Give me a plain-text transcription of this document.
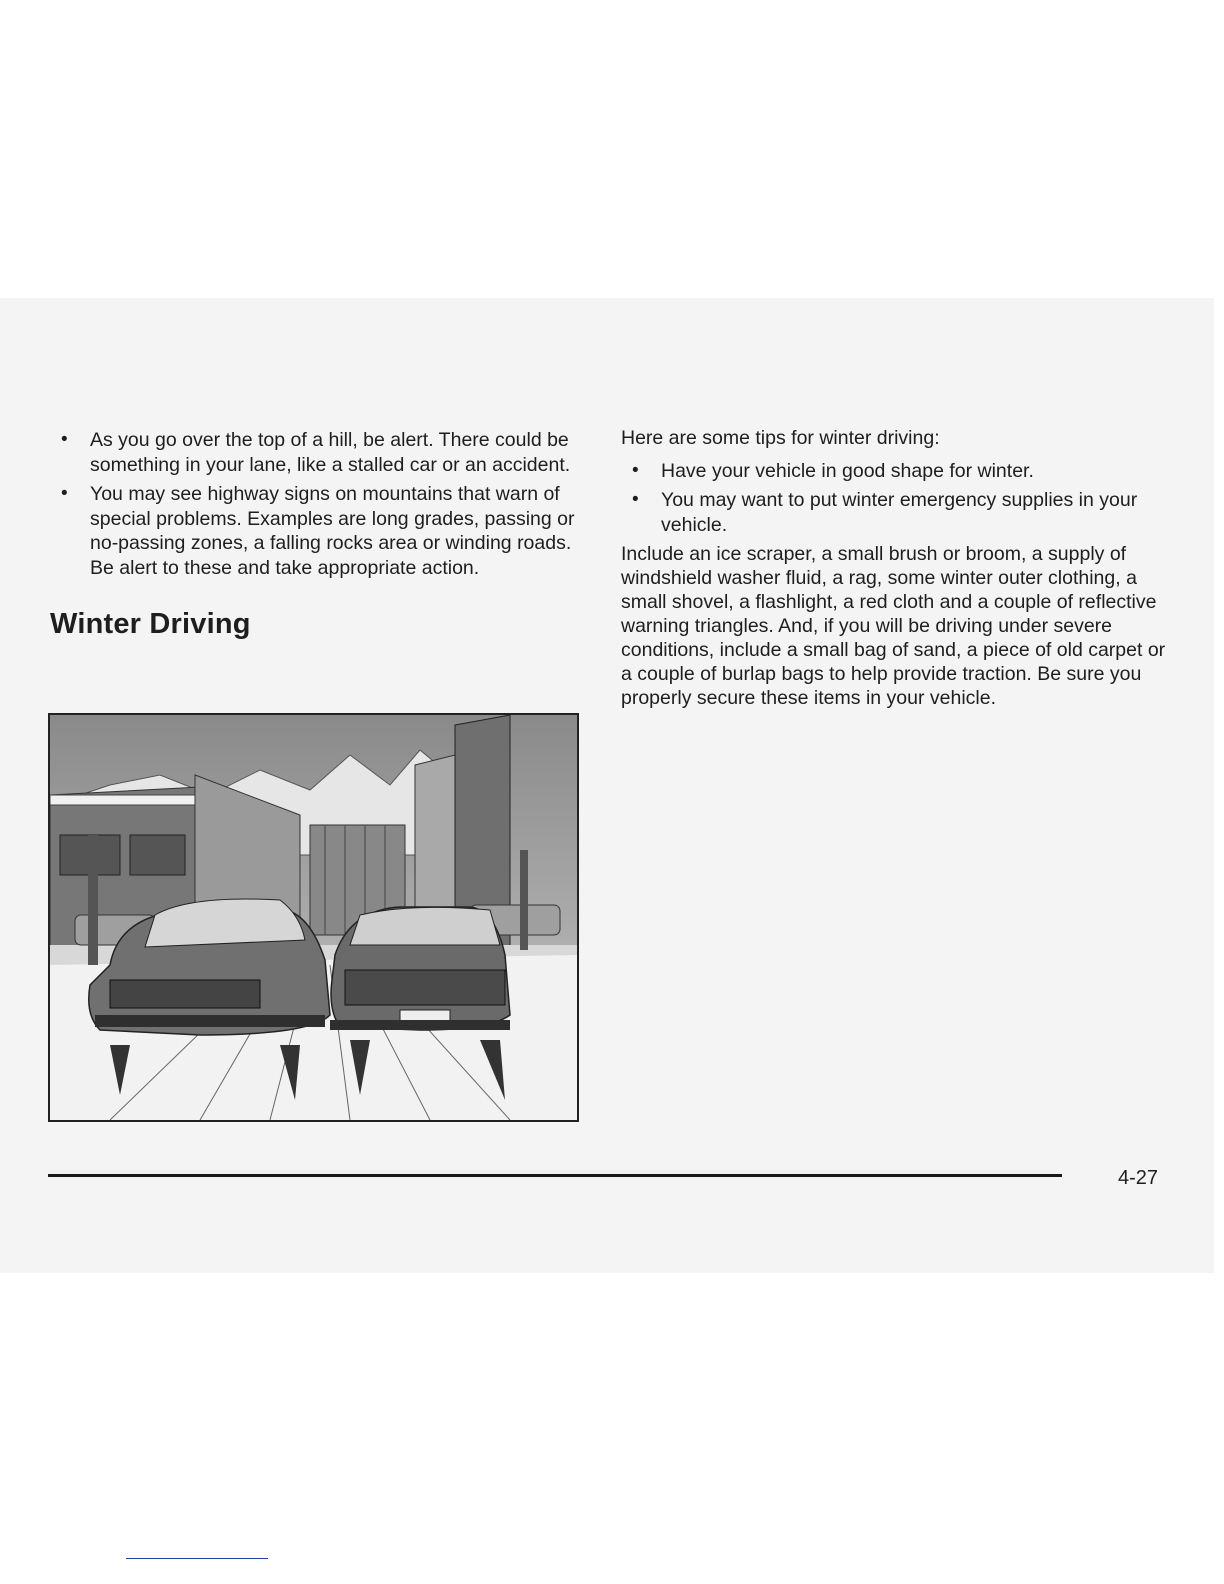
• As you go over the top of a hill, be alert. There could be something in your lane, like a stalled car or an accident.
• You may see highway signs on mountains that warn of special problems. Examples are long grades, passing or no-passing zones, a falling rocks area or winding roads. Be alert to these and take appropriate action.
Winter Driving

Here are some tips for winter driving:

• Have your vehicle in good shape for winter.
• You may want to put winter emergency supplies in your vehicle.

Include an ice scraper, a small brush or broom, a supply of windshield washer fluid, a rag, some winter outer clothing, a small shovel, a flashlight, a red cloth and a couple of reflective warning triangles. And, if you will be driving under severe conditions, include a small bag of sand, a piece of old carpet or a couple of burlap bags to help provide traction. Be sure you properly secure these items in your vehicle.

4-27
